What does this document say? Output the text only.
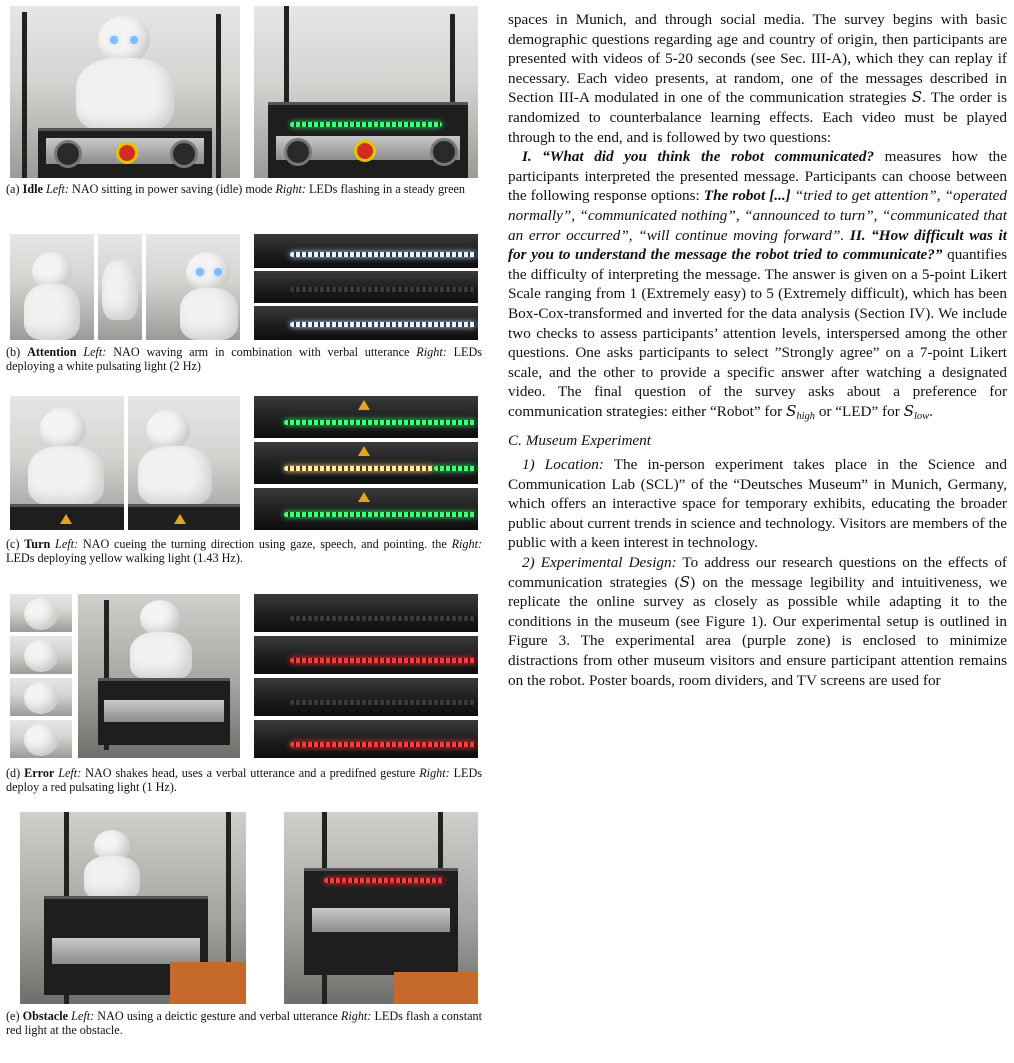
(a) Idle Left: NAO sitting in power saving (idle) mode Right: LEDs flashing in a steady green
(b) Attention Left: NAO waving arm in combination with verbal utterance Right: LEDs deploying a white pulsating light (2 Hz)
(c) Turn Left: NAO cueing the turning direction using gaze, speech, and pointing. the Right: LEDs deploying yellow walking light (1.43 Hz).
(d) Error Left: NAO shakes head, uses a verbal utterance and a predifned gesture Right: LEDs deploy a red pulsating light (1 Hz).
(e) Obstacle Left: NAO using a deictic gesture and verbal utterance Right: LEDs flash a constant red light at the obstacle.

spaces in Munich, and through social media. The survey begins with basic demographic questions regarding age and country of origin, then participants are presented with videos of 5-20 seconds (see Sec. III-A), which they can replay if necessary. Each video presents, at random, one of the messages described in Section III-A modulated in one of the communication strategies S. The order is randomized to counterbalance learning effects. Each video must be played through to the end, and is followed by two questions:

I. “What did you think the robot communicated? measures how the participants interpreted the presented message. Participants can choose between the following response options: The robot [...] “tried to get attention”, “operated normally”, “communicated nothing”, “announced to turn”, “communicated that an error occurred”, “will continue moving forward”. II. “How difficult was it for you to understand the message the robot tried to communicate?” quantifies the difficulty of interpreting the message. The answer is given on a 5-point Likert Scale ranging from 1 (Extremely easy) to 5 (Extremely difficult), which has been Box-Cox-transformed and inverted for the data analysis (Section IV). We include two checks to assess participants’ attention levels, interspersed among the other questions. One asks participants to select ”Strongly agree” on a 7-point Likert scale, and the other to provide a specific answer after watching a designated video. The final question of the survey asks about a preference for communication strategies: either “Robot” for $S_{high}$ or “LED” for $S_{low}$.

C. Museum Experiment

1) Location: The in-person experiment takes place in the Science and Communication Lab (SCL)” of the “Deutsches Museum” in Munich, Germany, which offers an interactive space for temporary exhibits, educating the broader public about current trends in science and technology. Visitors are members of the public with a keen interest in technology.

2) Experimental Design: To address our research questions on the effects of communication strategies (S) on the message legibility and intuitiveness, we replicate the online survey as closely as possible while adapting it to the conditions in the museum (see Figure 1). Our experimental setup is outlined in Figure 3. The experimental area (purple zone) is enclosed to minimize distractions from other museum visitors and ensure participant attention remains on the robot. Poster boards, room dividers, and TV screens are used for
